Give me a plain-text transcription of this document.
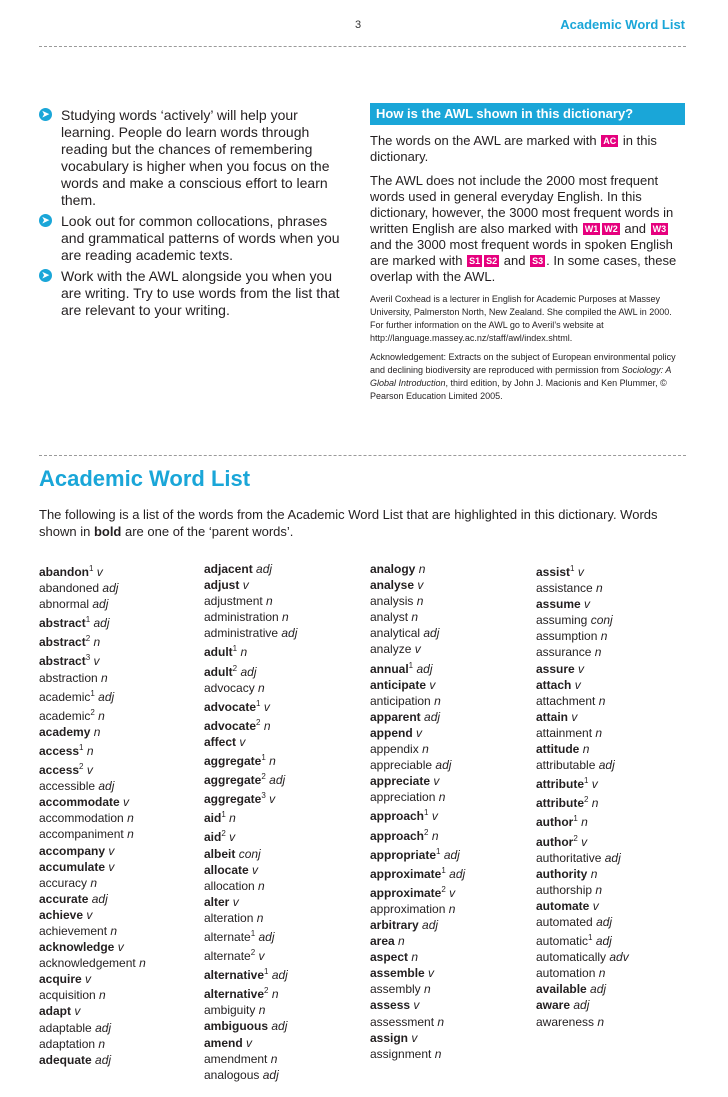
3	Academic Word List
➤ Studying words ‘actively’ will help your learning. People do learn words through reading but the chances of remembering vocabulary is higher when you focus on the words and make a conscious effort to learn them.
➤ Look out for common collocations, phrases and grammatical patterns of words when you are reading academic texts.
➤ Work with the AWL alongside you when you are writing. Try to use words from the list that are relevant to your writing.
How is the AWL shown in this dictionary?

The words on the AWL are marked with AC in this dictionary.

The AWL does not include the 2000 most frequent words used in general everyday English. In this dictionary, however, the 3000 most frequent words in written English are also marked with W1 W2 and W3 and the 3000 most frequent words in spoken English are marked with S1 S2 and S3 . In some cases, these overlap with the AWL.

Averil Coxhead is a lecturer in English for Academic Purposes at Massey University, Palmerston North, New Zealand. She compiled the AWL in 2000. For further information on the AWL go to Averil’s website at http://language.massey.ac.nz/staff/awl/index.shtml.

Acknowledgement: Extracts on the subject of European environmental policy and declining biodiversity are reproduced with permission from Sociology: A Global Introduction, third edition, by John J. Macionis and Ken Plummer, © Pearson Education Limited 2005.

Academic Word List

The following is a list of the words from the Academic Word List that are highlighted in this dictionary. Words shown in bold are one of the ‘parent words’.

abandon$^1$ v
abandoned adj
abnormal adj
abstract$^1$ adj
abstract$^2$ n
abstract$^3$ v
abstraction n
academic$^1$ adj
academic$^2$ n
academy n
access$^1$ n
access$^2$ v
accessible adj
accommodate v
accommodation n
accompaniment n
accompany v
accumulate v
accuracy n
accurate adj
achieve v
achievement n
acknowledge v
acknowledgement n
acquire v
acquisition n
adapt v
adaptable adj
adaptation n
adequate adj
adjacent adj
adjust v
adjustment n
administration n
administrative adj
adult$^1$ n
adult$^2$ adj
advocacy n
advocate$^1$ v
advocate$^2$ n
affect v
aggregate$^1$ n
aggregate$^2$ adj
aggregate$^3$ v
aid$^1$ n
aid$^2$ v
albeit conj
allocate v
allocation n
alter v
alteration n
alternate$^1$ adj
alternate$^2$ v
alternative$^1$ adj
alternative$^2$ n
ambiguity n
ambiguous adj
amend v
amendment n
analogous adj
analogy n
analyse v
analysis n
analyst n
analytical adj
analyze v
annual$^1$ adj
anticipate v
anticipation n
apparent adj
append v
appendix n
appreciable adj
appreciate v
appreciation n
approach$^1$ v
approach$^2$ n
appropriate$^1$ adj
approximate$^1$ adj
approximate$^2$ v
approximation n
arbitrary adj
area n
aspect n
assemble v
assembly n
assess v
assessment n
assign v
assignment n
assist$^1$ v
assistance n
assume v
assuming conj
assumption n
assurance n
assure v
attach v
attachment n
attain v
attainment n
attitude n
attributable adj
attribute$^1$ v
attribute$^2$ n
author$^1$ n
author$^2$ v
authoritative adj
authority n
authorship n
automate v
automated adj
automatic$^1$ adj
automatically adv
automation n
available adj
aware adj
awareness n
